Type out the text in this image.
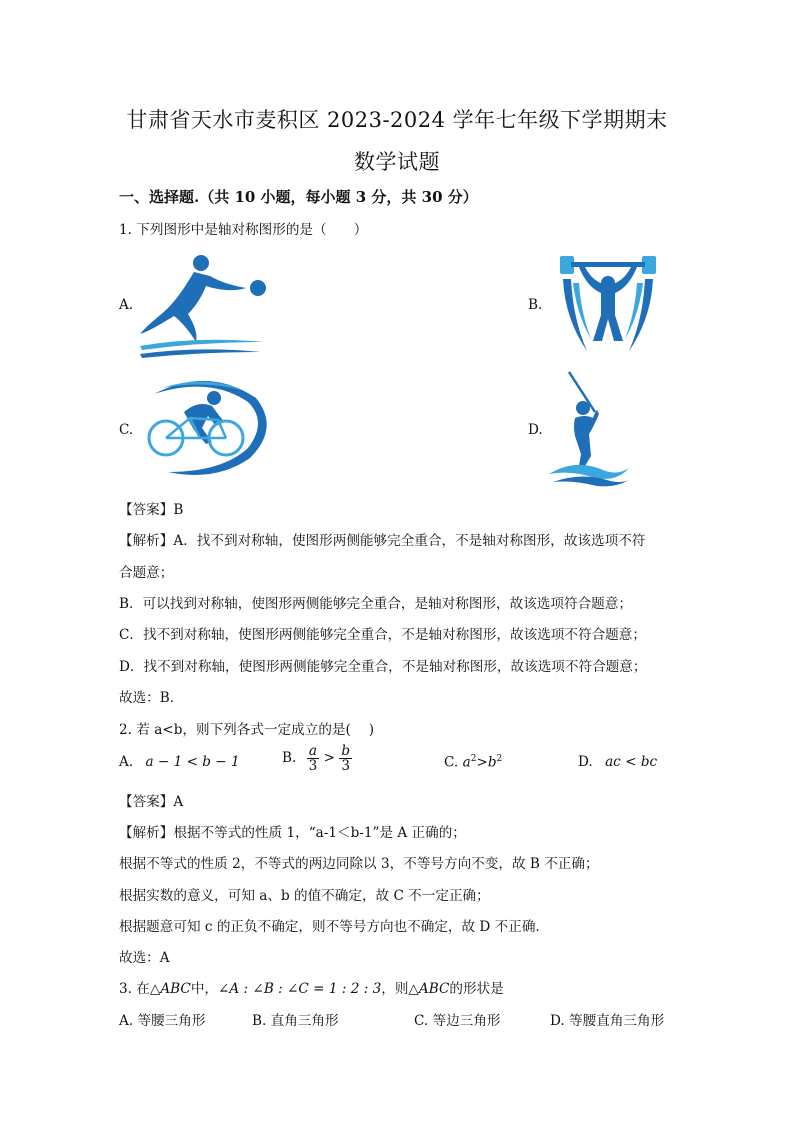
甘肃省天水市麦积区 2023-2024 学年七年级下学期期末
数学试题
一、选择题.（共 10 小题，每小题 3 分，共 30 分）
1. 下列图形中是轴对称图形的是（　　）
A.	B.
C.	D.
【答案】B
【解析】A．找不到对称轴，使图形两侧能够完全重合，不是轴对称图形，故该选项不符
合题意；
B．可以找到对称轴，使图形两侧能够完全重合，是轴对称图形，故该选项符合题意；
C．找不到对称轴，使图形两侧能够完全重合，不是轴对称图形，故该选项不符合题意；
D．找不到对称轴，使图形两侧能够完全重合，不是轴对称图形，故该选项不符合题意；
故选：B．
2. 若 a<b，则下列各式一定成立的是(　 )
A. a − 1 < b − 1	B. $\frac{a}{3} > \frac{b}{3}$	C. $a^2>b^2$	D. ac < bc
【答案】A
【解析】根据不等式的性质 1，“a-1＜b-1”是 A 正确的；
根据不等式的性质 2，不等式的两边同除以 3，不等号方向不变，故 B 不正确；
根据实数的意义，可知 a、b 的值不确定，故 C 不一定正确；
根据题意可知 c 的正负不确定，则不等号方向也不确定，故 D 不正确.
故选：A
3. 在△ABC中，∠A : ∠B : ∠C = 1 : 2 : 3，则△ABC的形状是
A. 等腰三角形	B. 直角三角形	C. 等边三角形	D. 等腰直角三角形
